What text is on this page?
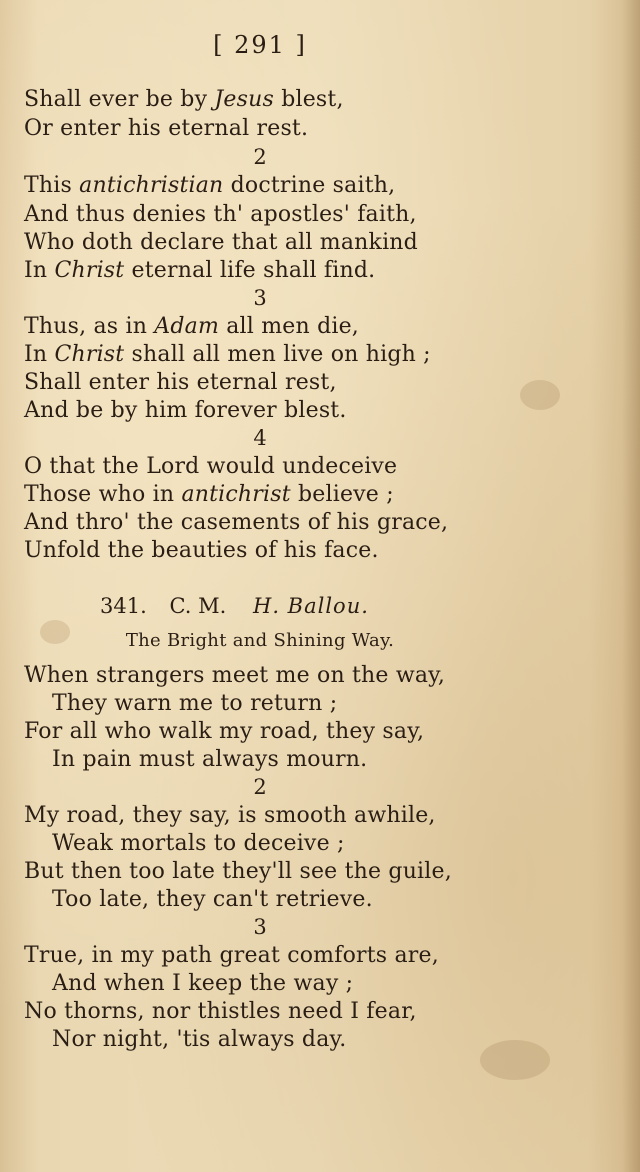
[ 291 ]
Shall ever be by Jesus blest,
Or enter his eternal rest.
2
This antichristian doctrine saith,
And thus denies th' apostles' faith,
Who doth declare that all mankind
In Christ eternal life shall find.
3
Thus, as in Adam all men die,
In Christ shall all men live on high ;
Shall enter his eternal rest,
And be by him forever blest.
4
O that the Lord would undeceive
Those who in antichrist believe ;
And thro' the casements of his grace,
Unfold the beauties of his face.
341. C. M. H. Ballou.
The Bright and Shining Way.
When strangers meet me on the way,
They warn me to return ;
For all who walk my road, they say,
In pain must always mourn.
2
My road, they say, is smooth awhile,
Weak mortals to deceive ;
But then too late they'll see the guile,
Too late, they can't retrieve.
3
True, in my path great comforts are,
And when I keep the way ;
No thorns, nor thistles need I fear,
Nor night, 'tis always day.
